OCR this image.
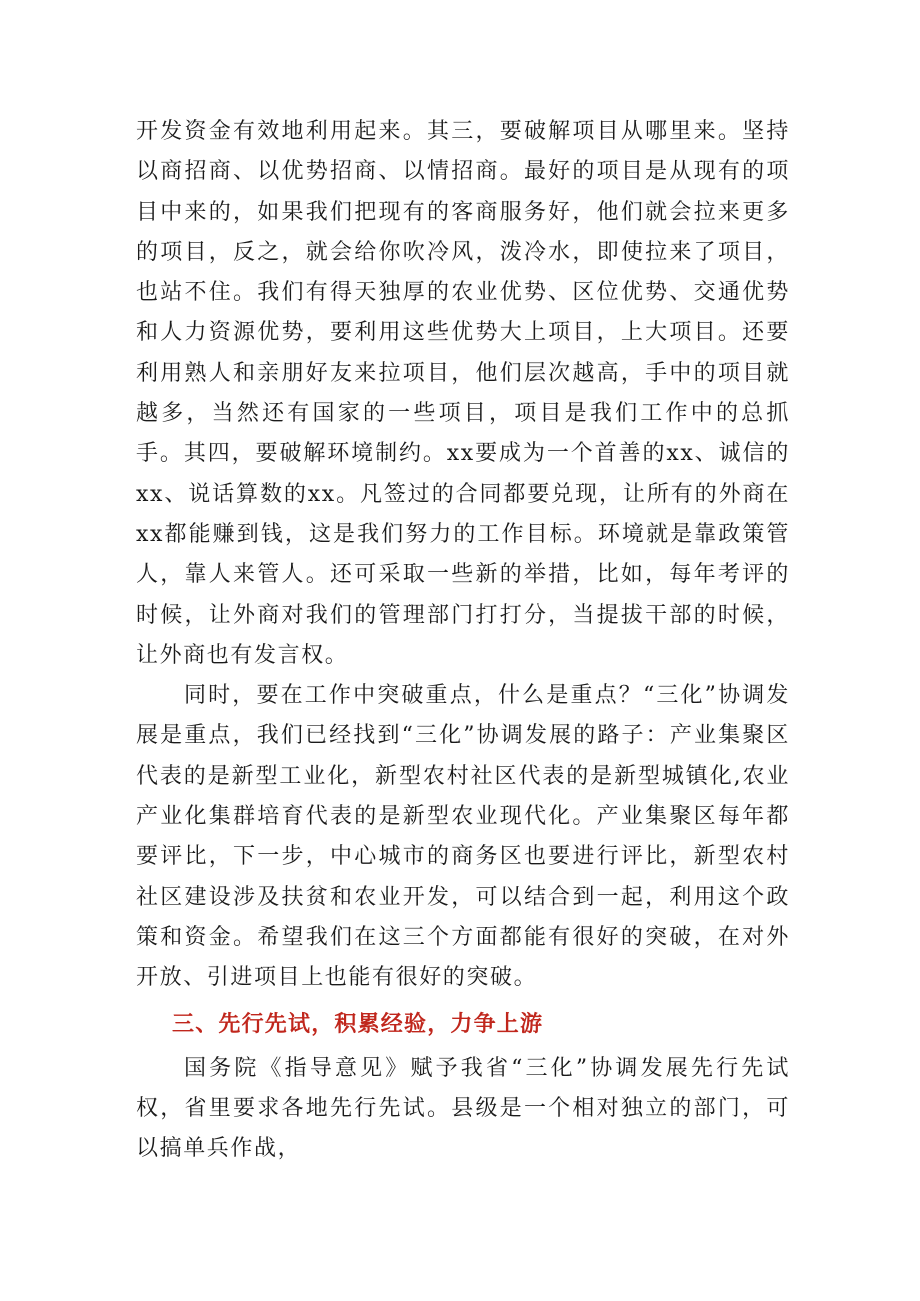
开发资金有效地利用起来。其三，要破解项目从哪里来。坚持以商招商、以优势招商、以情招商。最好的项目是从现有的项目中来的，如果我们把现有的客商服务好，他们就会拉来更多的项目，反之，就会给你吹冷风，泼冷水，即使拉来了项目，也站不住。我们有得天独厚的农业优势、区位优势、交通优势和人力资源优势，要利用这些优势大上项目，上大项目。还要利用熟人和亲朋好友来拉项目，他们层次越高，手中的项目就越多，当然还有国家的一些项目，项目是我们工作中的总抓手。其四，要破解环境制约。xx要成为一个首善的xx、诚信的xx、说话算数的xx。凡签过的合同都要兑现，让所有的外商在xx都能赚到钱，这是我们努力的工作目标。环境就是靠政策管人，靠人来管人。还可采取一些新的举措，比如，每年考评的时候，让外商对我们的管理部门打打分，当提拔干部的时候，让外商也有发言权。

同时，要在工作中突破重点，什么是重点？“三化”协调发展是重点，我们已经找到“三化”协调发展的路子：产业集聚区代表的是新型工业化，新型农村社区代表的是新型城镇化,农业产业化集群培育代表的是新型农业现代化。产业集聚区每年都要评比，下一步，中心城市的商务区也要进行评比，新型农村社区建设涉及扶贫和农业开发，可以结合到一起，利用这个政策和资金。希望我们在这三个方面都能有很好的突破，在对外开放、引进项目上也能有很好的突破。

三、先行先试，积累经验，力争上游

国务院《指导意见》赋予我省“三化”协调发展先行先试权，省里要求各地先行先试。县级是一个相对独立的部门，可以搞单兵作战，
